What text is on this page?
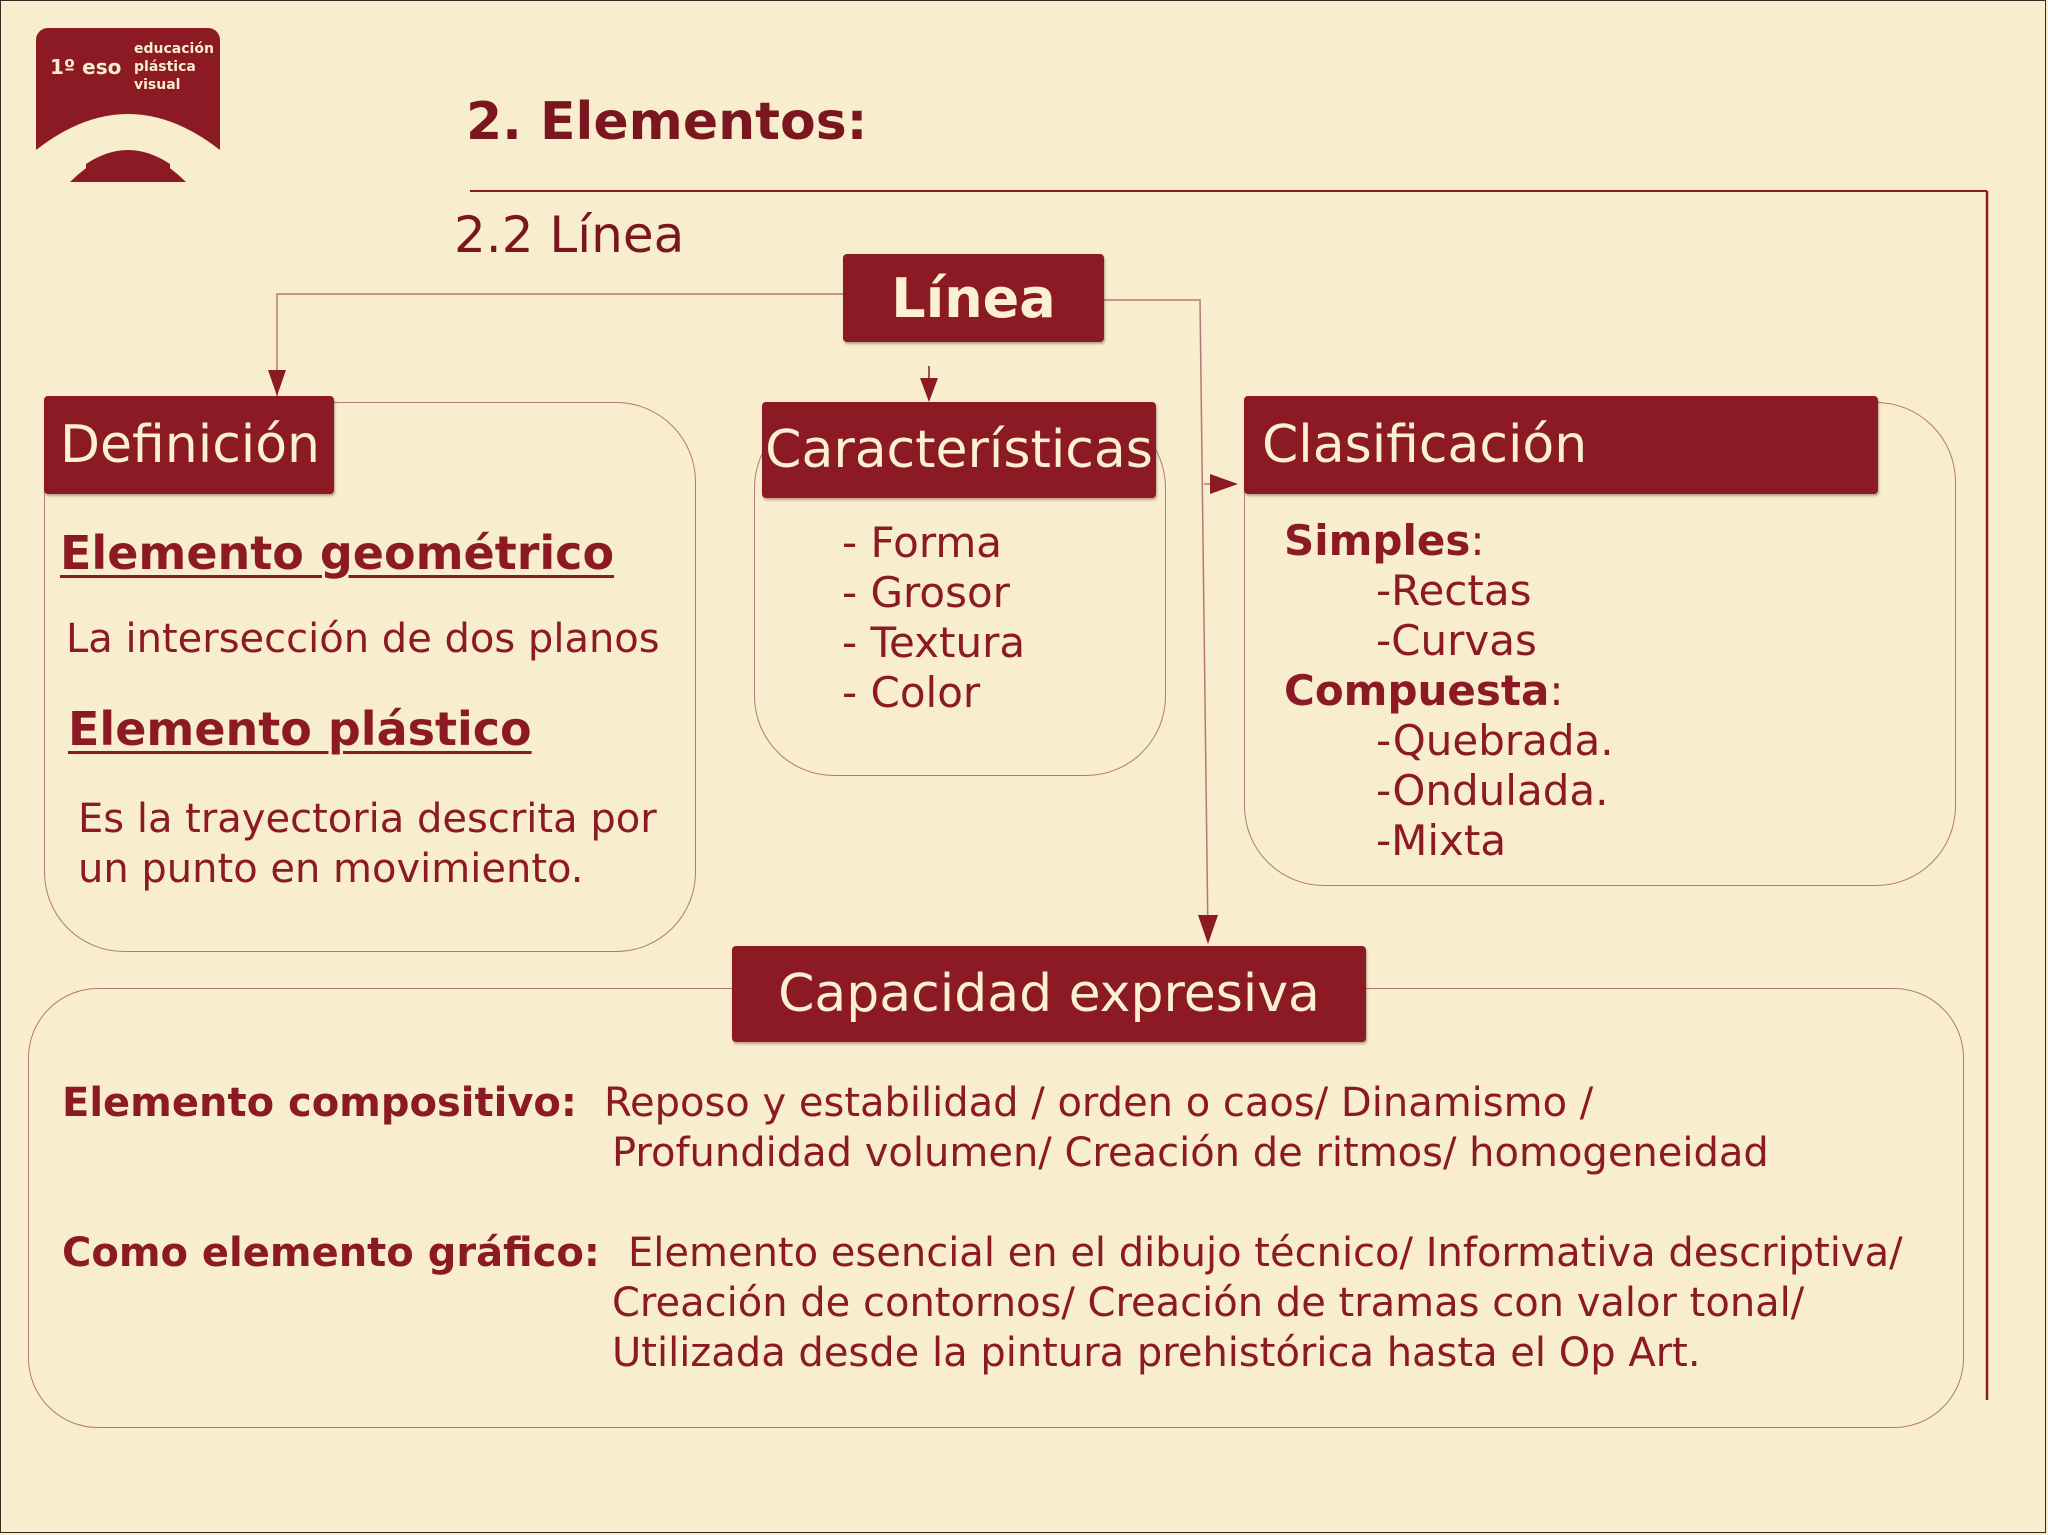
1º eso
educación
plástica
visual
2. Elementos:
2.2 Línea
Línea
Definición
Elemento geométrico
La intersección de dos planos
Elemento plástico
Es la trayectoria descrita por
un punto en movimiento.
Características
- Forma
- Grosor
- Textura
- Color
Clasificación
Simples:
-Rectas
-Curvas
Compuesta:
-Quebrada.
-Ondulada.
-Mixta
Capacidad expresiva
Elemento compositivo: Reposo y estabilidad / orden o caos/ Dinamismo /
Profundidad volumen/ Creación de ritmos/ homogeneidad
Como elemento gráfico: Elemento esencial en el dibujo técnico/ Informativa descriptiva/
Creación de contornos/ Creación de tramas con valor tonal/
Utilizada desde la pintura prehistórica hasta el Op Art.
